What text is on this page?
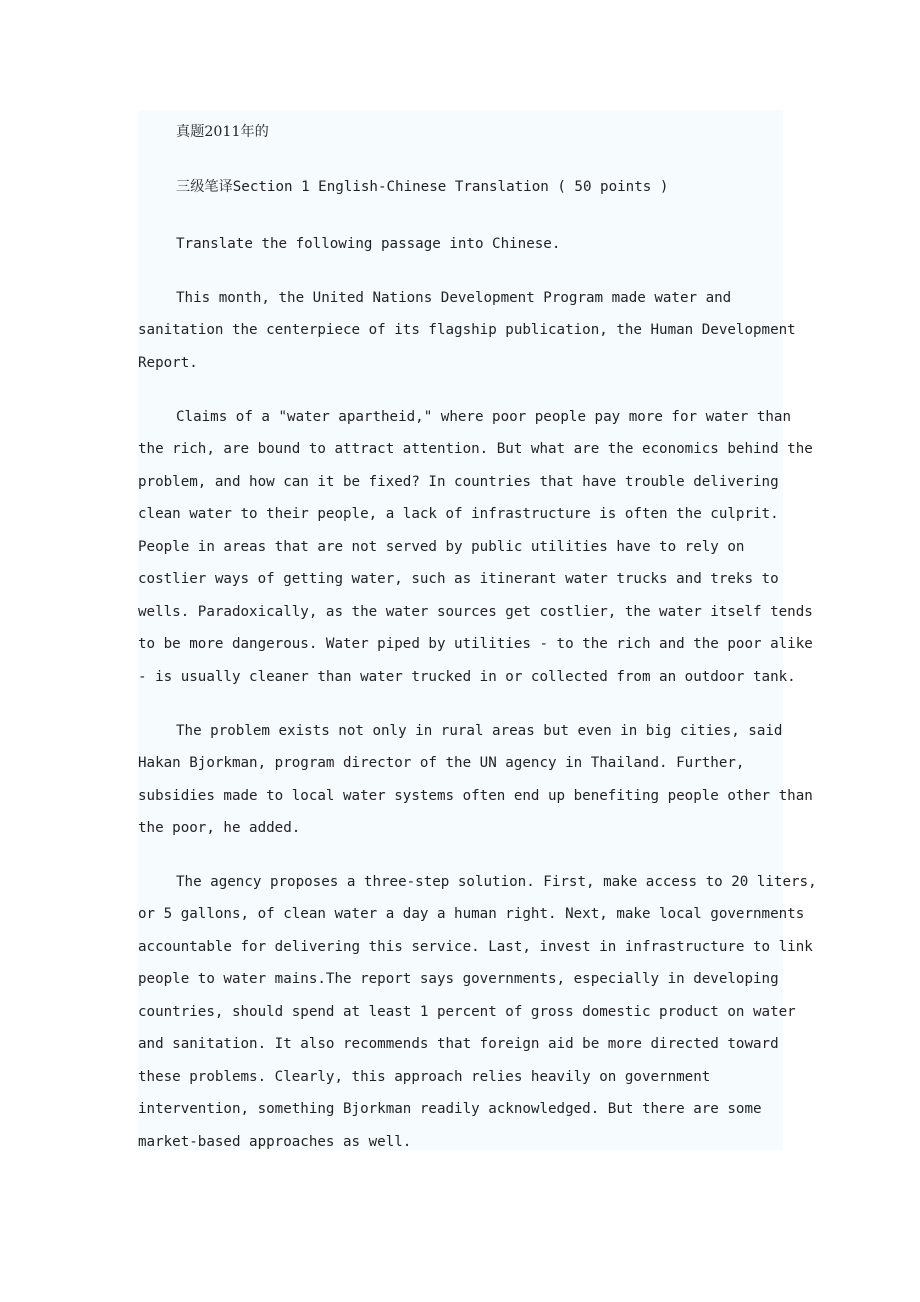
真题2011年的

三级笔译Section 1 English-Chinese Translation ( 50 points )

Translate the following passage into Chinese.

This month, the United Nations Development Program made water and

sanitation the centerpiece of its flagship publication, the Human Development

Report.

Claims of a "water apartheid," where poor people pay more for water than

the rich, are bound to attract attention. But what are the economics behind the

problem, and how can it be fixed? In countries that have trouble delivering

clean water to their people, a lack of infrastructure is often the culprit.

People in areas that are not served by public utilities have to rely on

costlier ways of getting water, such as itinerant water trucks and treks to

wells. Paradoxically, as the water sources get costlier, the water itself tends

to be more dangerous. Water piped by utilities - to the rich and the poor alike

- is usually cleaner than water trucked in or collected from an outdoor tank.

The problem exists not only in rural areas but even in big cities, said

Hakan Bjorkman, program director of the UN agency in Thailand. Further,

subsidies made to local water systems often end up benefiting people other than

the poor, he added.

The agency proposes a three-step solution. First, make access to 20 liters,

or 5 gallons, of clean water a day a human right. Next, make local governments

accountable for delivering this service. Last, invest in infrastructure to link

people to water mains.The report says governments, especially in developing

countries, should spend at least 1 percent of gross domestic product on water

and sanitation. It also recommends that foreign aid be more directed toward

these problems. Clearly, this approach relies heavily on government

intervention, something Bjorkman readily acknowledged. But there are some

market-based approaches as well.
